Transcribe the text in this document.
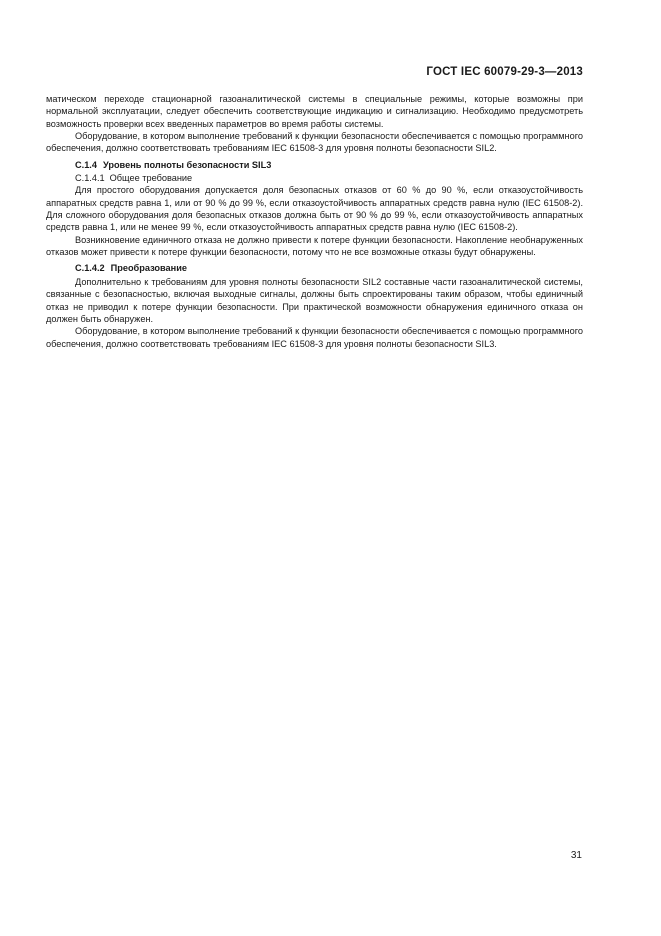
ГОСТ IEC 60079-29-3—2013

матическом переходе стационарной газоаналитической системы в специальные режимы, которые возможны при нормальной эксплуатации, следует обеспечить соответствующие индикацию и сигнализацию. Необходимо предусмотреть возможность проверки всех введенных параметров во время работы системы.

Оборудование, в котором выполнение требований к функции безопасности обеспечивается с помощью программного обеспечения, должно соответствовать требованиям IEC 61508-3 для уровня полноты безопасности SIL2.

С.1.4 Уровень полноты безопасности SIL3

С.1.4.1 Общее требование

Для простого оборудования допускается доля безопасных отказов от 60 % до 90 %, если отказоустойчивость аппаратных средств равна 1, или от 90 % до 99 %, если отказоустойчивость аппаратных средств равна нулю (IEC 61508-2). Для сложного оборудования доля безопасных отказов должна быть от 90 % до 99 %, если отказоустойчивость аппаратных средств равна 1, или не менее 99 %, если отказоустойчивость аппаратных средств равна нулю (IEC 61508-2).

Возникновение единичного отказа не должно привести к потере функции безопасности. Накопление необнаруженных отказов может привести к потере функции безопасности, потому что не все возможные отказы будут обнаружены.

С.1.4.2 Преобразование

Дополнительно к требованиям для уровня полноты безопасности SIL2 составные части газоаналитической системы, связанные с безопасностью, включая выходные сигналы, должны быть спроектированы таким образом, чтобы единичный отказ не приводил к потере функции безопасности. При практической возможности обнаружения единичного отказа он должен быть обнаружен.

Оборудование, в котором выполнение требований к функции безопасности обеспечивается с помощью программного обеспечения, должно соответствовать требованиям IEC 61508-3 для уровня полноты безопасности SIL3.

31
